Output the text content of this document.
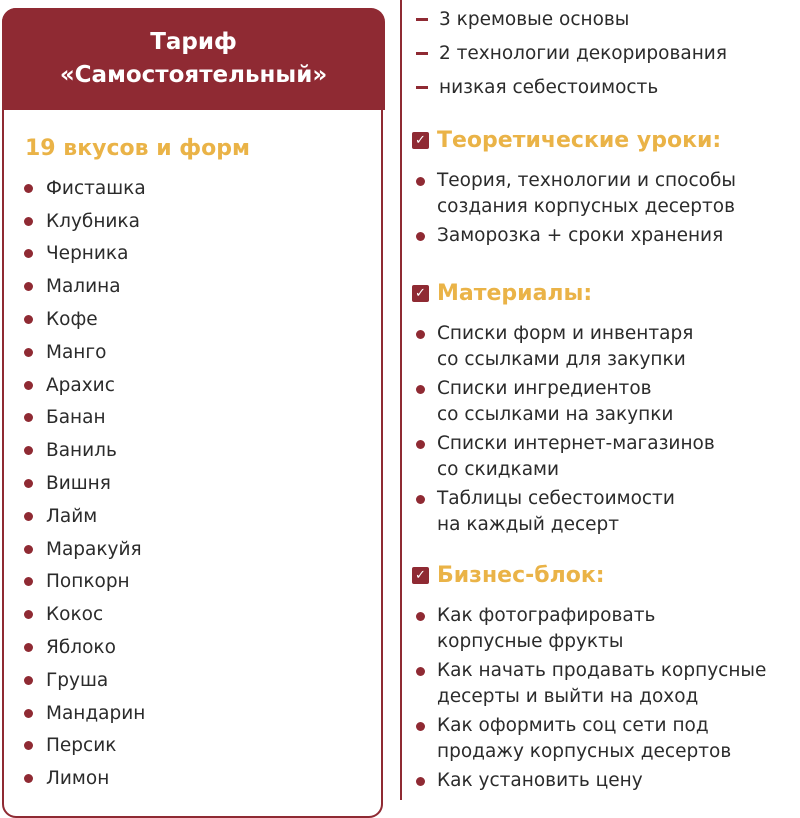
Тариф
«Самостоятельный»
19 вкусов и форм
Фисташка
Клубника
Черника
Малина
Кофе
Манго
Арахис
Банан
Ваниль
Вишня
Лайм
Маракуйя
Попкорн
Кокос
Яблоко
Груша
Мандарин
Персик
Лимон
3 кремовые основы
2 технологии декорирования
низкая себестоимость
✓ Теоретические уроки:
Теория, технологии и способы
создания корпусных десертов
Заморозка + сроки хранения
✓ Материалы:
Списки форм и инвентаря
со ссылками для закупки
Списки ингредиентов
со ссылками на закупки
Списки интернет-магазинов
со скидками
Таблицы себестоимости
на каждый десерт
✓ Бизнес-блок:
Как фотографировать
корпусные фрукты
Как начать продавать корпусные
десерты и выйти на доход
Как оформить соц сети под
продажу корпусных десертов
Как установить цену
